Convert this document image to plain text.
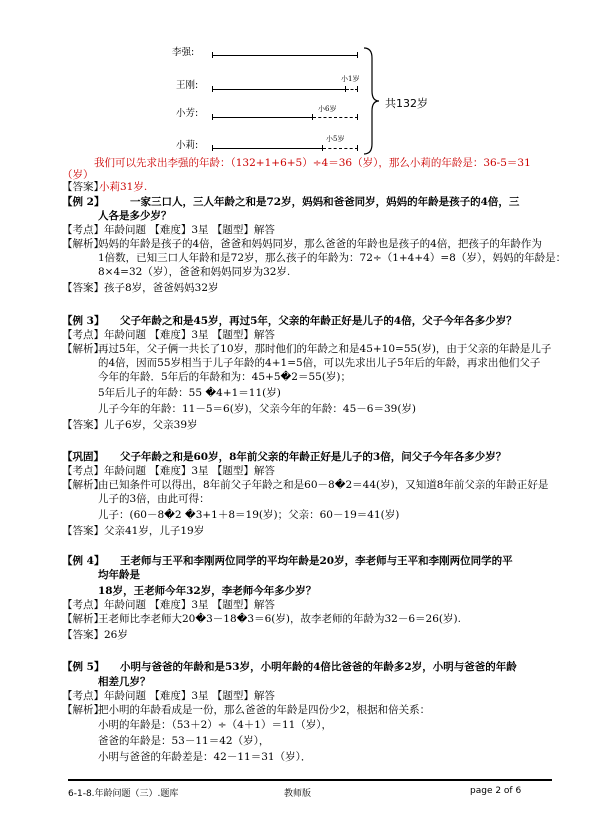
李强:
王刚:
小1岁
小芳:	小6岁
小莉:
小5岁
共132岁
我们可以先求出李强的年龄：（132+1+6+5）÷4＝36（岁），那么小莉的年龄是：36-5＝31
（岁）
【答案】
小莉31岁.
【例 2】 一家三口人，三人年龄之和是72岁，妈妈和爸爸同岁，妈妈的年龄是孩子的4倍，三
人各是多少岁？
【考点】年龄问题 【难度】3星 【题型】解答
【解析】
妈妈的年龄是孩子的4倍，爸爸和妈妈同岁，那么爸爸的年龄也是孩子的4倍，把孩子的年龄作为
1倍数，已知三口人年龄和是72岁，那么孩子的年龄为：72÷（1+4+4）=8（岁），妈妈的年龄是：
8×4=32（岁），爸爸和妈妈同岁为32岁.
【答案】孩子8岁，爸爸妈妈32岁
【例 3】 父子年龄之和是45岁，再过5年，父亲的年龄正好是儿子的4倍，父子今年各多少岁？
【考点】年龄问题 【难度】3星 【题型】解答
【解析】
再过5年，父子俩一共长了10岁，那时他们的年龄之和是45+10=55(岁)，由于父亲的年龄是儿子
的4倍，因而55岁相当于儿子年龄的4+1=5倍，可以先求出儿子5年后的年龄，再求出他们父子
今年的年龄．5年后的年龄和为：45+5�2＝55(岁)；
5年后儿子的年龄：55 �4+1＝11(岁)
儿子今年的年龄：11－5＝6(岁)，父亲今年的年龄：45－6＝39(岁)
【答案】儿子6岁，父亲39岁
【巩固】 父子年龄之和是60岁，8年前父亲的年龄正好是儿子的3倍，问父子今年各多少岁？
【考点】年龄问题 【难度】3星 【题型】解答
【解析】
由已知条件可以得出，8年前父子年龄之和是60－8�2＝44(岁)，又知道8年前父亲的年龄正好是
儿子的3倍，由此可得：
儿子：(60－8�2 �3+1＋8＝19(岁)；父亲：60－19＝41(岁)
【答案】父亲41岁，儿子19岁
【例 4】 王老师与王平和李刚两位同学的平均年龄是20岁，李老师与王平和李刚两位同学的平
均年龄是
18岁，王老师今年32岁，李老师今年多少岁？
【考点】年龄问题 【难度】3星 【题型】解答
【解析】
王老师比李老师大20�3－18�3＝6(岁)，故李老师的年龄为32－6＝26(岁).
【答案】26岁
【例 5】 小明与爸爸的年龄和是53岁，小明年龄的4倍比爸爸的年龄多2岁，小明与爸爸的年龄
相差几岁？
【考点】年龄问题 【难度】3星 【题型】解答
【解析】
把小明的年龄看成是一份，那么爸爸的年龄是四份少2，根据和倍关系：
小明的年龄是：（53＋2）÷（4＋1）＝11（岁），
爸爸的年龄是：53－11＝42（岁），
小明与爸爸的年龄差是：42－11＝31（岁）．
6-1-8.年龄问题（三）.题库	教师版	page 2 of 6
